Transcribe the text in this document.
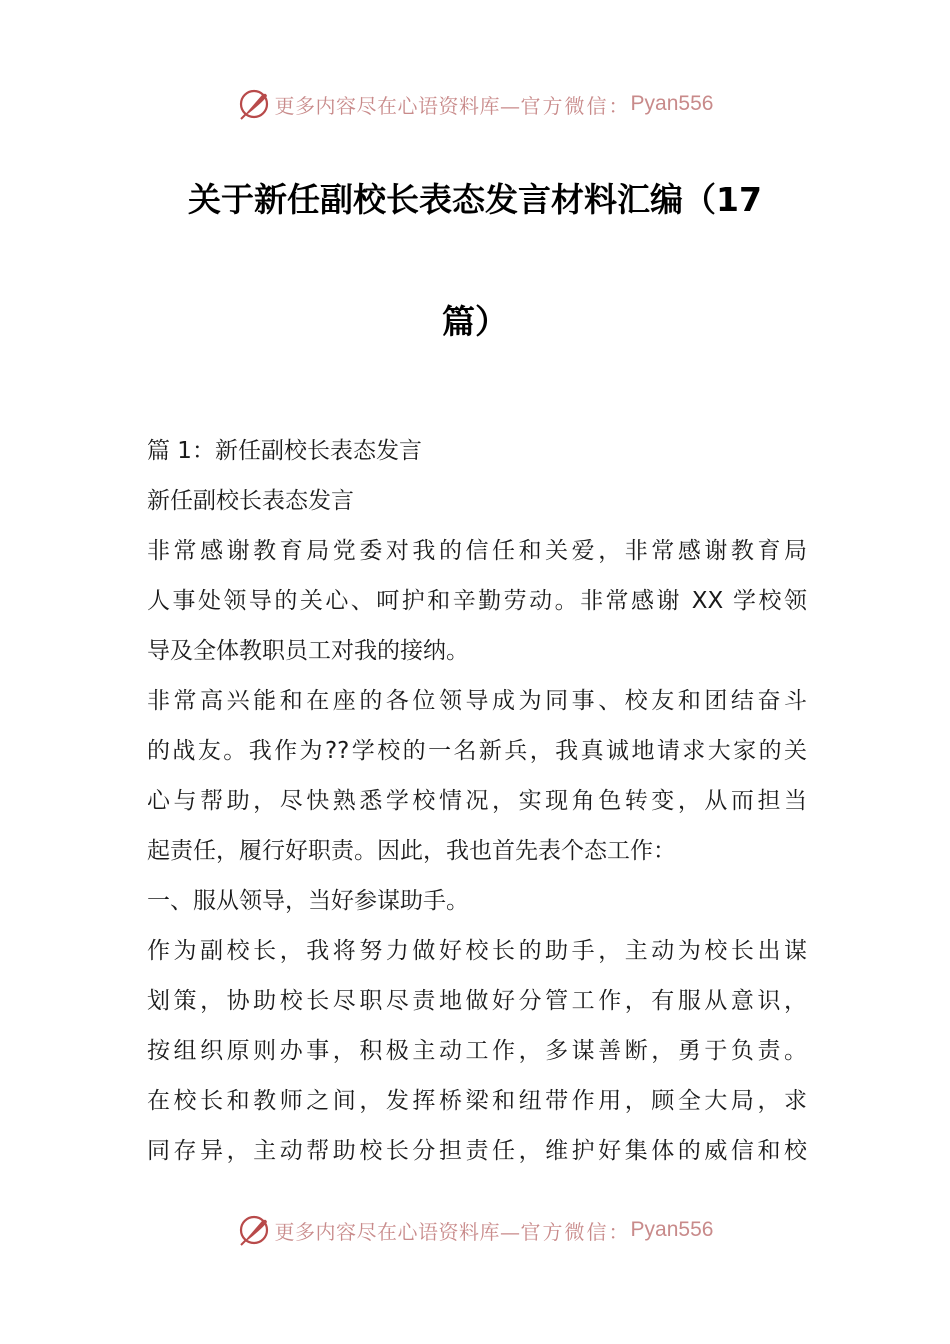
更多内容尽在心语资料库— 官方微信： Pyan556
关于新任副校长表态发言材料汇编（17
篇）
篇 1：新任副校长表态发言
新任副校长表态发言
非常感谢教育局党委对我的信任和关爱，非常感谢教育局
人事处领导的关心、呵护和辛勤劳动。非常感谢 XX 学校领
导及全体教职员工对我的接纳。
非常高兴能和在座的各位领导成为同事、校友和团结奋斗
的战友。我作为??学校的一名新兵，我真诚地请求大家的关
心与帮助，尽快熟悉学校情况，实现角色转变，从而担当
起责任，履行好职责。因此，我也首先表个态工作：
一、服从领导，当好参谋助手。
作为副校长，我将努力做好校长的助手，主动为校长出谋
划策，协助校长尽职尽责地做好分管工作，有服从意识，
按组织原则办事，积极主动工作，多谋善断，勇于负责。
在校长和教师之间，发挥桥梁和纽带作用，顾全大局，求
同存异，主动帮助校长分担责任，维护好集体的威信和校
更多内容尽在心语资料库— 官方微信： Pyan556
